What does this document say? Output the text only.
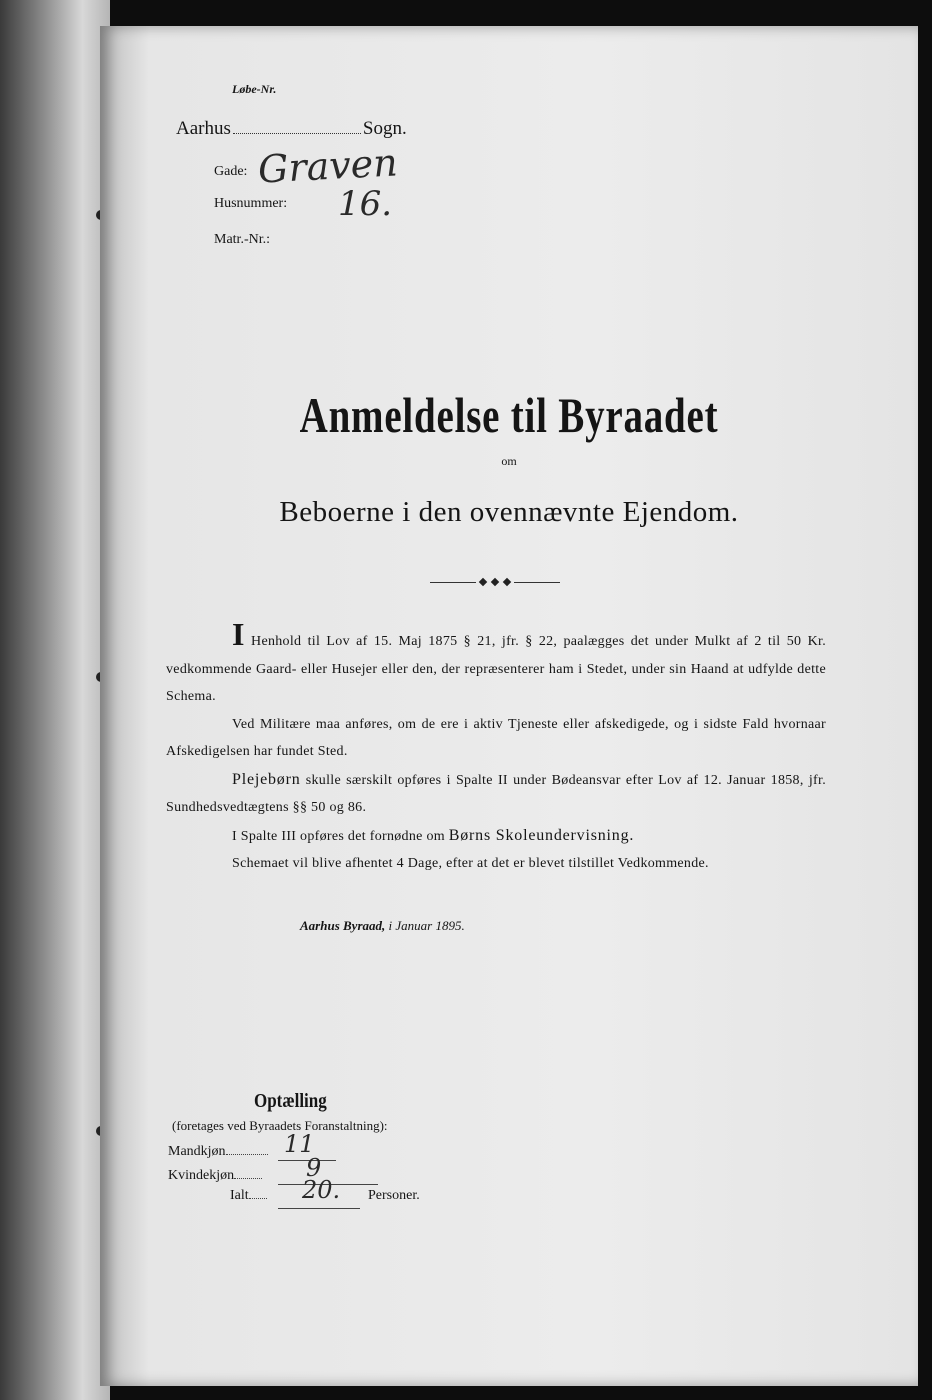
Løbe-Nr.
Aarhus	Sogn.
Gade: Graven
Husnummer: 16.
Matr.-Nr.:
Anmeldelse til Byraadet
om
Beboerne i den ovennævnte Ejendom.

I Henhold til Lov af 15. Maj 1875 § 21, jfr. § 22, paalægges det under Mulkt af 2 til 50 Kr. vedkommende Gaard- eller Husejer eller den, der repræsenterer ham i Stedet, under sin Haand at udfylde dette Schema.

Ved Militære maa anføres, om de ere i aktiv Tjeneste eller afskedigede, og i sidste Fald hvornaar Afskedigelsen har fundet Sted.

Plejebørn skulle særskilt opføres i Spalte II under Bødeansvar efter Lov af 12. Januar 1858, jfr. Sundhedsvedtægtens §§ 50 og 86.

I Spalte III opføres det fornødne om Børns Skoleundervisning.

Schemaet vil blive afhentet 4 Dage, efter at det er blevet tilstillet Vedkommende.

Aarhus Byraad, i Januar 1895.
Optælling
(foretages ved Byraadets Foranstaltning):
Mandkjøn	11
Kvindekjøn	9
Ialt	20. Personer.
